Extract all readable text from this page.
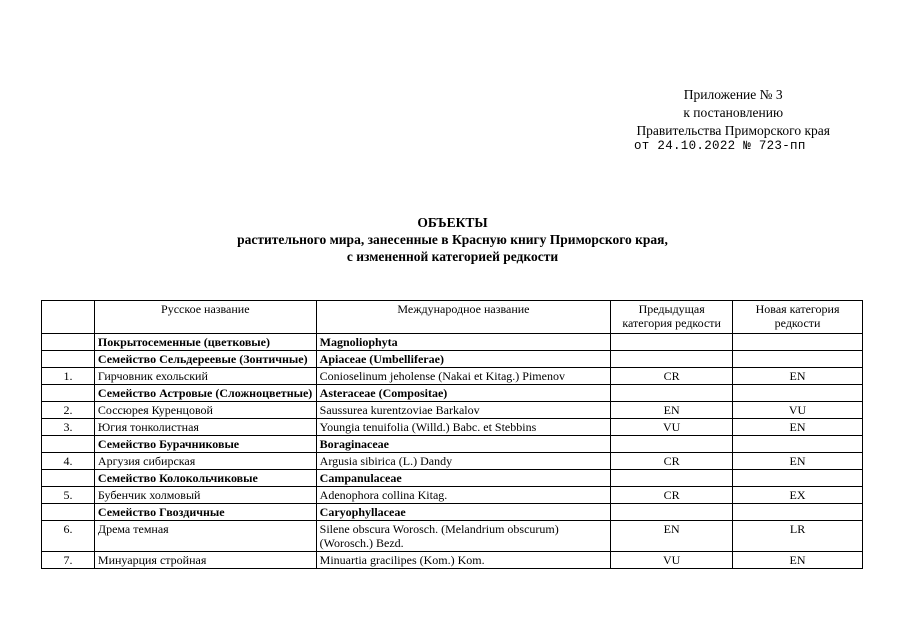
Приложение № 3
к постановлению
Правительства Приморского края
от 24.10.2022 № 723-пп
ОБЪЕКТЫ
растительного мира, занесенные в Красную книгу Приморского края,
с измененной категорией редкости
	Русское название	Международное название	Предыдущая категория редкости	Новая категория редкости
	Покрытосеменные (цветковые)	Magnoliophyta		
	Семейство Сельдереевые (Зонтичные)	Apiaceae (Umbelliferae)		
1.	Гирчовник ехольский	Conioselinum jeholense (Nakai et Kitag.) Pimenov	CR	EN
	Семейство Астровые (Сложноцветные)	Asteraceae (Compositae)		
2.	Соссюрея Куренцовой	Saussurea kurentzoviae Barkalov	EN	VU
3.	Югия тонколистная	Youngia tenuifolia (Willd.) Babc. et Stebbins	VU	EN
	Семейство Бурачниковые	Boraginaceae		
4.	Аргузия сибирская	Argusia sibirica (L.) Dandy	CR	EN
	Семейство Колокольчиковые	Campanulaceae		
5.	Бубенчик холмовый	Adenophora collina Kitag.	CR	EX
	Семейство Гвоздичные	Caryophyllaceae		
6.	Дрема темная	Silene obscura Worosch. (Melandrium obscurum) (Worosch.) Bezd.	EN	LR
7.	Минуарция стройная	Minuartia gracilipes (Kom.) Kom.	VU	EN
